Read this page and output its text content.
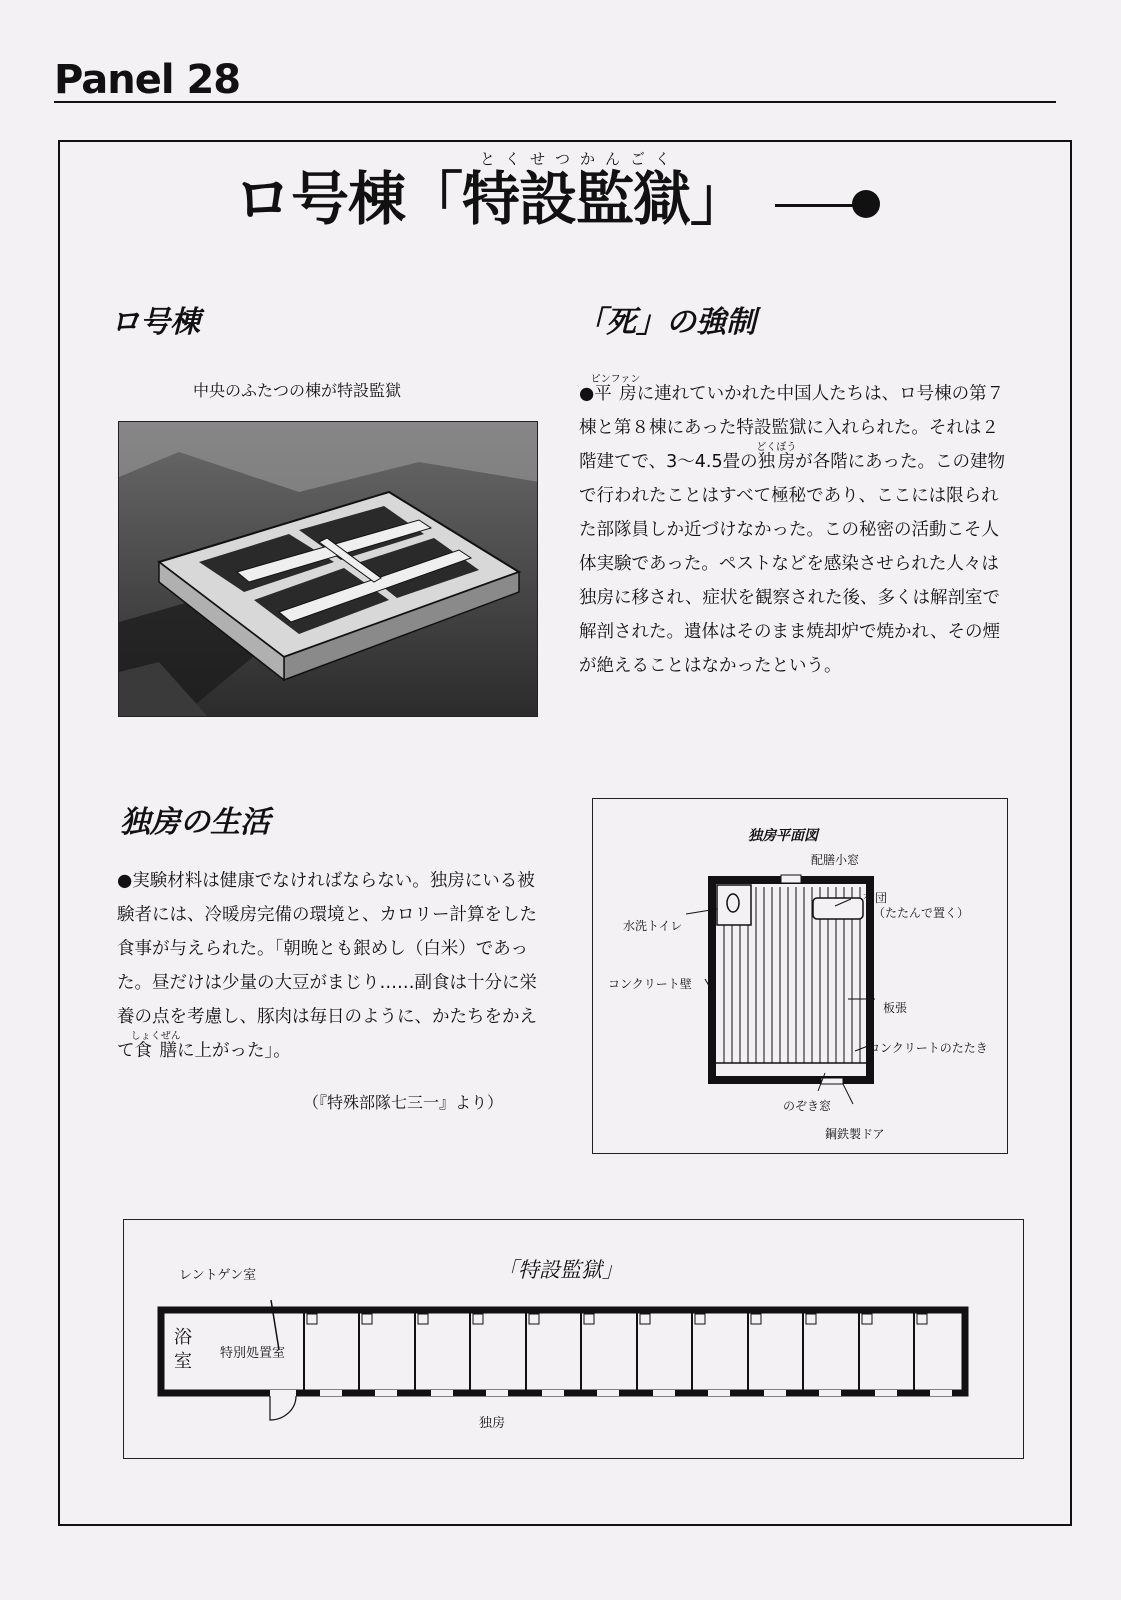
Panel 28
とくせつかんごく
ロ号棟「特設監獄」
ロ号棟
中央のふたつの棟が特設監獄
「死」の強制
●平房ピンファンに連れていかれた中国人たちは、ロ号棟の第７棟と第８棟にあった特設監獄に入れられた。それは２階建てで、3～4.5畳の独房どくぼうが各階にあった。この建物で行われたことはすべて極秘であり、ここには限られた部隊員しか近づけなかった。この秘密の活動こそ人体実験であった。ペストなどを感染させられた人々は独房に移され、症状を観察された後、多くは解剖室で解剖された。遺体はそのまま焼却炉で焼かれ、その煙が絶えることはなかったという。
独房の生活
●実験材料は健康でなければならない。独房にいる被験者には、冷暖房完備の環境と、カロリー計算をした食事が与えられた。「朝晩とも銀めし（白米）であった。昼だけは少量の大豆がまじり……副食は十分に栄養の点を考慮し、豚肉は毎日のように、かたちをかえて食膳しょくぜんに上がった」。
（『特殊部隊七三一』より）
独房平面図
配膳小窓
布団
（たたんで置く）
水洗トイレ
コンクリート壁
板張
コンクリートのたたき
のぞき窓
鋼鉄製ドア
「特設監獄」
レントゲン室
浴
室 特別処置室
独房
